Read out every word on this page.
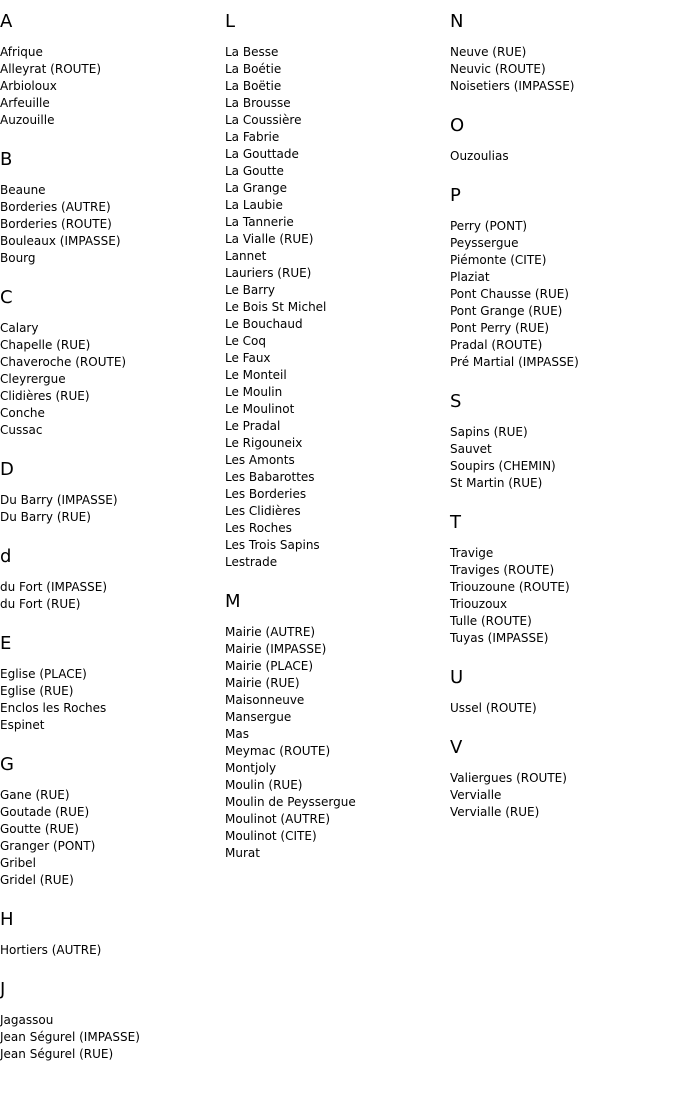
A
Afrique
Alleyrat (ROUTE)
Arbioloux
Arfeuille
Auzouille
B
Beaune
Borderies (AUTRE)
Borderies (ROUTE)
Bouleaux (IMPASSE)
Bourg
C
Calary
Chapelle (RUE)
Chaveroche (ROUTE)
Cleyrergue
Clidières (RUE)
Conche
Cussac
D
Du Barry (IMPASSE)
Du Barry (RUE)
d
du Fort (IMPASSE)
du Fort (RUE)
E
Eglise (PLACE)
Eglise (RUE)
Enclos les Roches
Espinet
G
Gane (RUE)
Goutade (RUE)
Goutte (RUE)
Granger (PONT)
Gribel
Gridel (RUE)
H
Hortiers (AUTRE)
J
Jagassou
Jean Ségurel (IMPASSE)
Jean Ségurel (RUE)
L
La Besse
La Boétie
La Boëtie
La Brousse
La Coussière
La Fabrie
La Gouttade
La Goutte
La Grange
La Laubie
La Tannerie
La Vialle (RUE)
Lannet
Lauriers (RUE)
Le Barry
Le Bois St Michel
Le Bouchaud
Le Coq
Le Faux
Le Monteil
Le Moulin
Le Moulinot
Le Pradal
Le Rigouneix
Les Amonts
Les Babarottes
Les Borderies
Les Clidières
Les Roches
Les Trois Sapins
Lestrade
M
Mairie (AUTRE)
Mairie (IMPASSE)
Mairie (PLACE)
Mairie (RUE)
Maisonneuve
Mansergue
Mas
Meymac (ROUTE)
Montjoly
Moulin (RUE)
Moulin de Peyssergue
Moulinot (AUTRE)
Moulinot (CITE)
Murat
N
Neuve (RUE)
Neuvic (ROUTE)
Noisetiers (IMPASSE)
O
Ouzoulias
P
Perry (PONT)
Peyssergue
Piémonte (CITE)
Plaziat
Pont Chausse (RUE)
Pont Grange (RUE)
Pont Perry (RUE)
Pradal (ROUTE)
Pré Martial (IMPASSE)
S
Sapins (RUE)
Sauvet
Soupirs (CHEMIN)
St Martin (RUE)
T
Travige
Traviges (ROUTE)
Triouzoune (ROUTE)
Triouzoux
Tulle (ROUTE)
Tuyas (IMPASSE)
U
Ussel (ROUTE)
V
Valiergues (ROUTE)
Vervialle
Vervialle (RUE)
